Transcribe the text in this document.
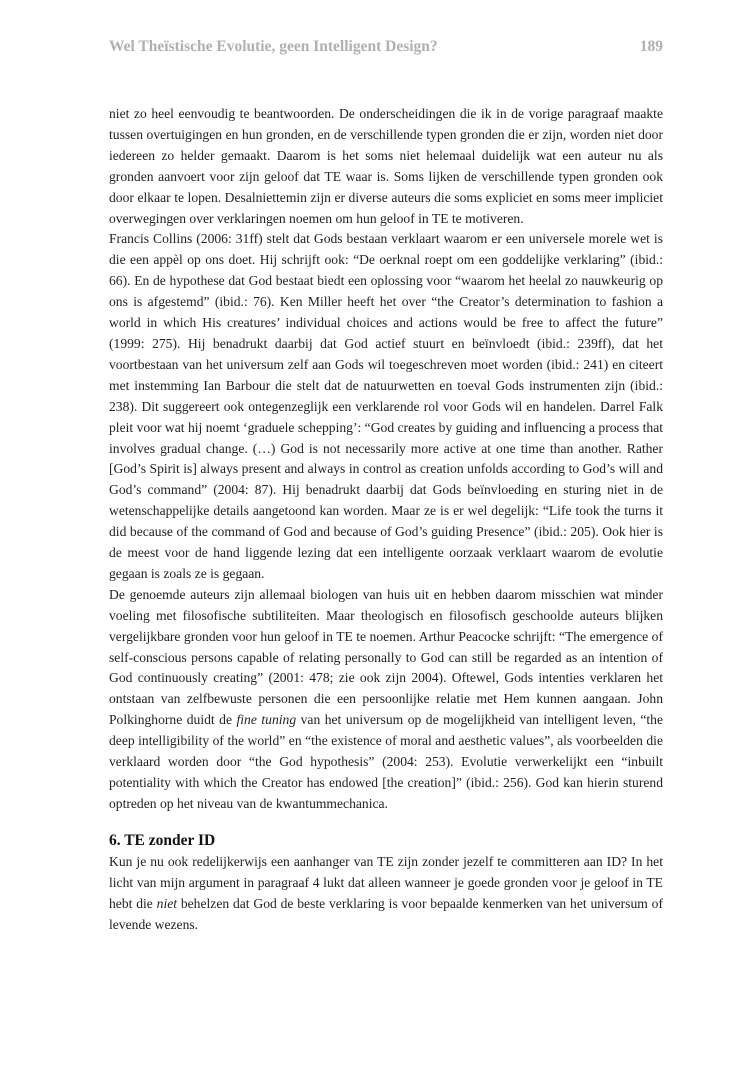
Wel Theïstische Evolutie, geen Intelligent Design?	189

niet zo heel eenvoudig te beantwoorden. De onderscheidingen die ik in de vorige paragraaf maakte tussen overtuigingen en hun gronden, en de verschillende typen gronden die er zijn, worden niet door iedereen zo helder gemaakt. Daarom is het soms niet helemaal duidelijk wat een auteur nu als gronden aanvoert voor zijn geloof dat TE waar is. Soms lijken de verschillende typen gronden ook door elkaar te lopen. Desalniettemin zijn er diverse auteurs die soms expliciet en soms meer impliciet overwegingen over verklaringen noemen om hun geloof in TE te motiveren.

Francis Collins (2006: 31ff) stelt dat Gods bestaan verklaart waarom er een universele morele wet is die een appèl op ons doet. Hij schrijft ook: “De oerknal roept om een goddelijke verklaring” (ibid.: 66). En de hypothese dat God bestaat biedt een oplossing voor “waarom het heelal zo nauwkeurig op ons is afgestemd” (ibid.: 76). Ken Miller heeft het over “the Creator’s determination to fashion a world in which His creatures’ individual choices and actions would be free to affect the future” (1999: 275). Hij benadrukt daarbij dat God actief stuurt en beïnvloedt (ibid.: 239ff), dat het voortbestaan van het universum zelf aan Gods wil toegeschreven moet worden (ibid.: 241) en citeert met instemming Ian Barbour die stelt dat de natuurwetten en toeval Gods instrumenten zijn (ibid.: 238). Dit suggereert ook ontegenzeglijk een verklarende rol voor Gods wil en handelen. Darrel Falk pleit voor wat hij noemt ‘graduele schepping’: “God creates by guiding and influencing a process that involves gradual change. (…) God is not necessarily more active at one time than another. Rather [God’s Spirit is] always present and always in control as creation unfolds according to God’s will and God’s command” (2004: 87). Hij benadrukt daarbij dat Gods beïnvloeding en sturing niet in de wetenschappelijke details aangetoond kan worden. Maar ze is er wel degelijk: “Life took the turns it did because of the command of God and because of God’s guiding Presence” (ibid.: 205). Ook hier is de meest voor de hand liggende lezing dat een intelligente oorzaak verklaart waarom de evolutie gegaan is zoals ze is gegaan.

De genoemde auteurs zijn allemaal biologen van huis uit en hebben daarom misschien wat minder voeling met filosofische subtiliteiten. Maar theologisch en filosofisch geschoolde auteurs blijken vergelijkbare gronden voor hun geloof in TE te noemen. Arthur Peacocke schrijft: “The emergence of self-conscious persons capable of relating personally to God can still be regarded as an intention of God continuously creating” (2001: 478; zie ook zijn 2004). Oftewel, Gods intenties verklaren het ontstaan van zelfbewuste personen die een persoonlijke relatie met Hem kunnen aangaan. John Polkinghorne duidt de fine tuning van het universum op de mogelijkheid van intelligent leven, “the deep intelligibility of the world” en “the existence of moral and aesthetic values”, als voorbeelden die verklaard worden door “the God hypothesis” (2004: 253). Evolutie verwerkelijkt een “inbuilt potentiality with which the Creator has endowed [the creation]” (ibid.: 256). God kan hierin sturend optreden op het niveau van de kwantummechanica.

6. TE zonder ID

Kun je nu ook redelijkerwijs een aanhanger van TE zijn zonder jezelf te committeren aan ID? In het licht van mijn argument in paragraaf 4 lukt dat alleen wanneer je goede gronden voor je geloof in TE hebt die niet behelzen dat God de beste verklaring is voor bepaalde kenmerken van het universum of levende wezens.
